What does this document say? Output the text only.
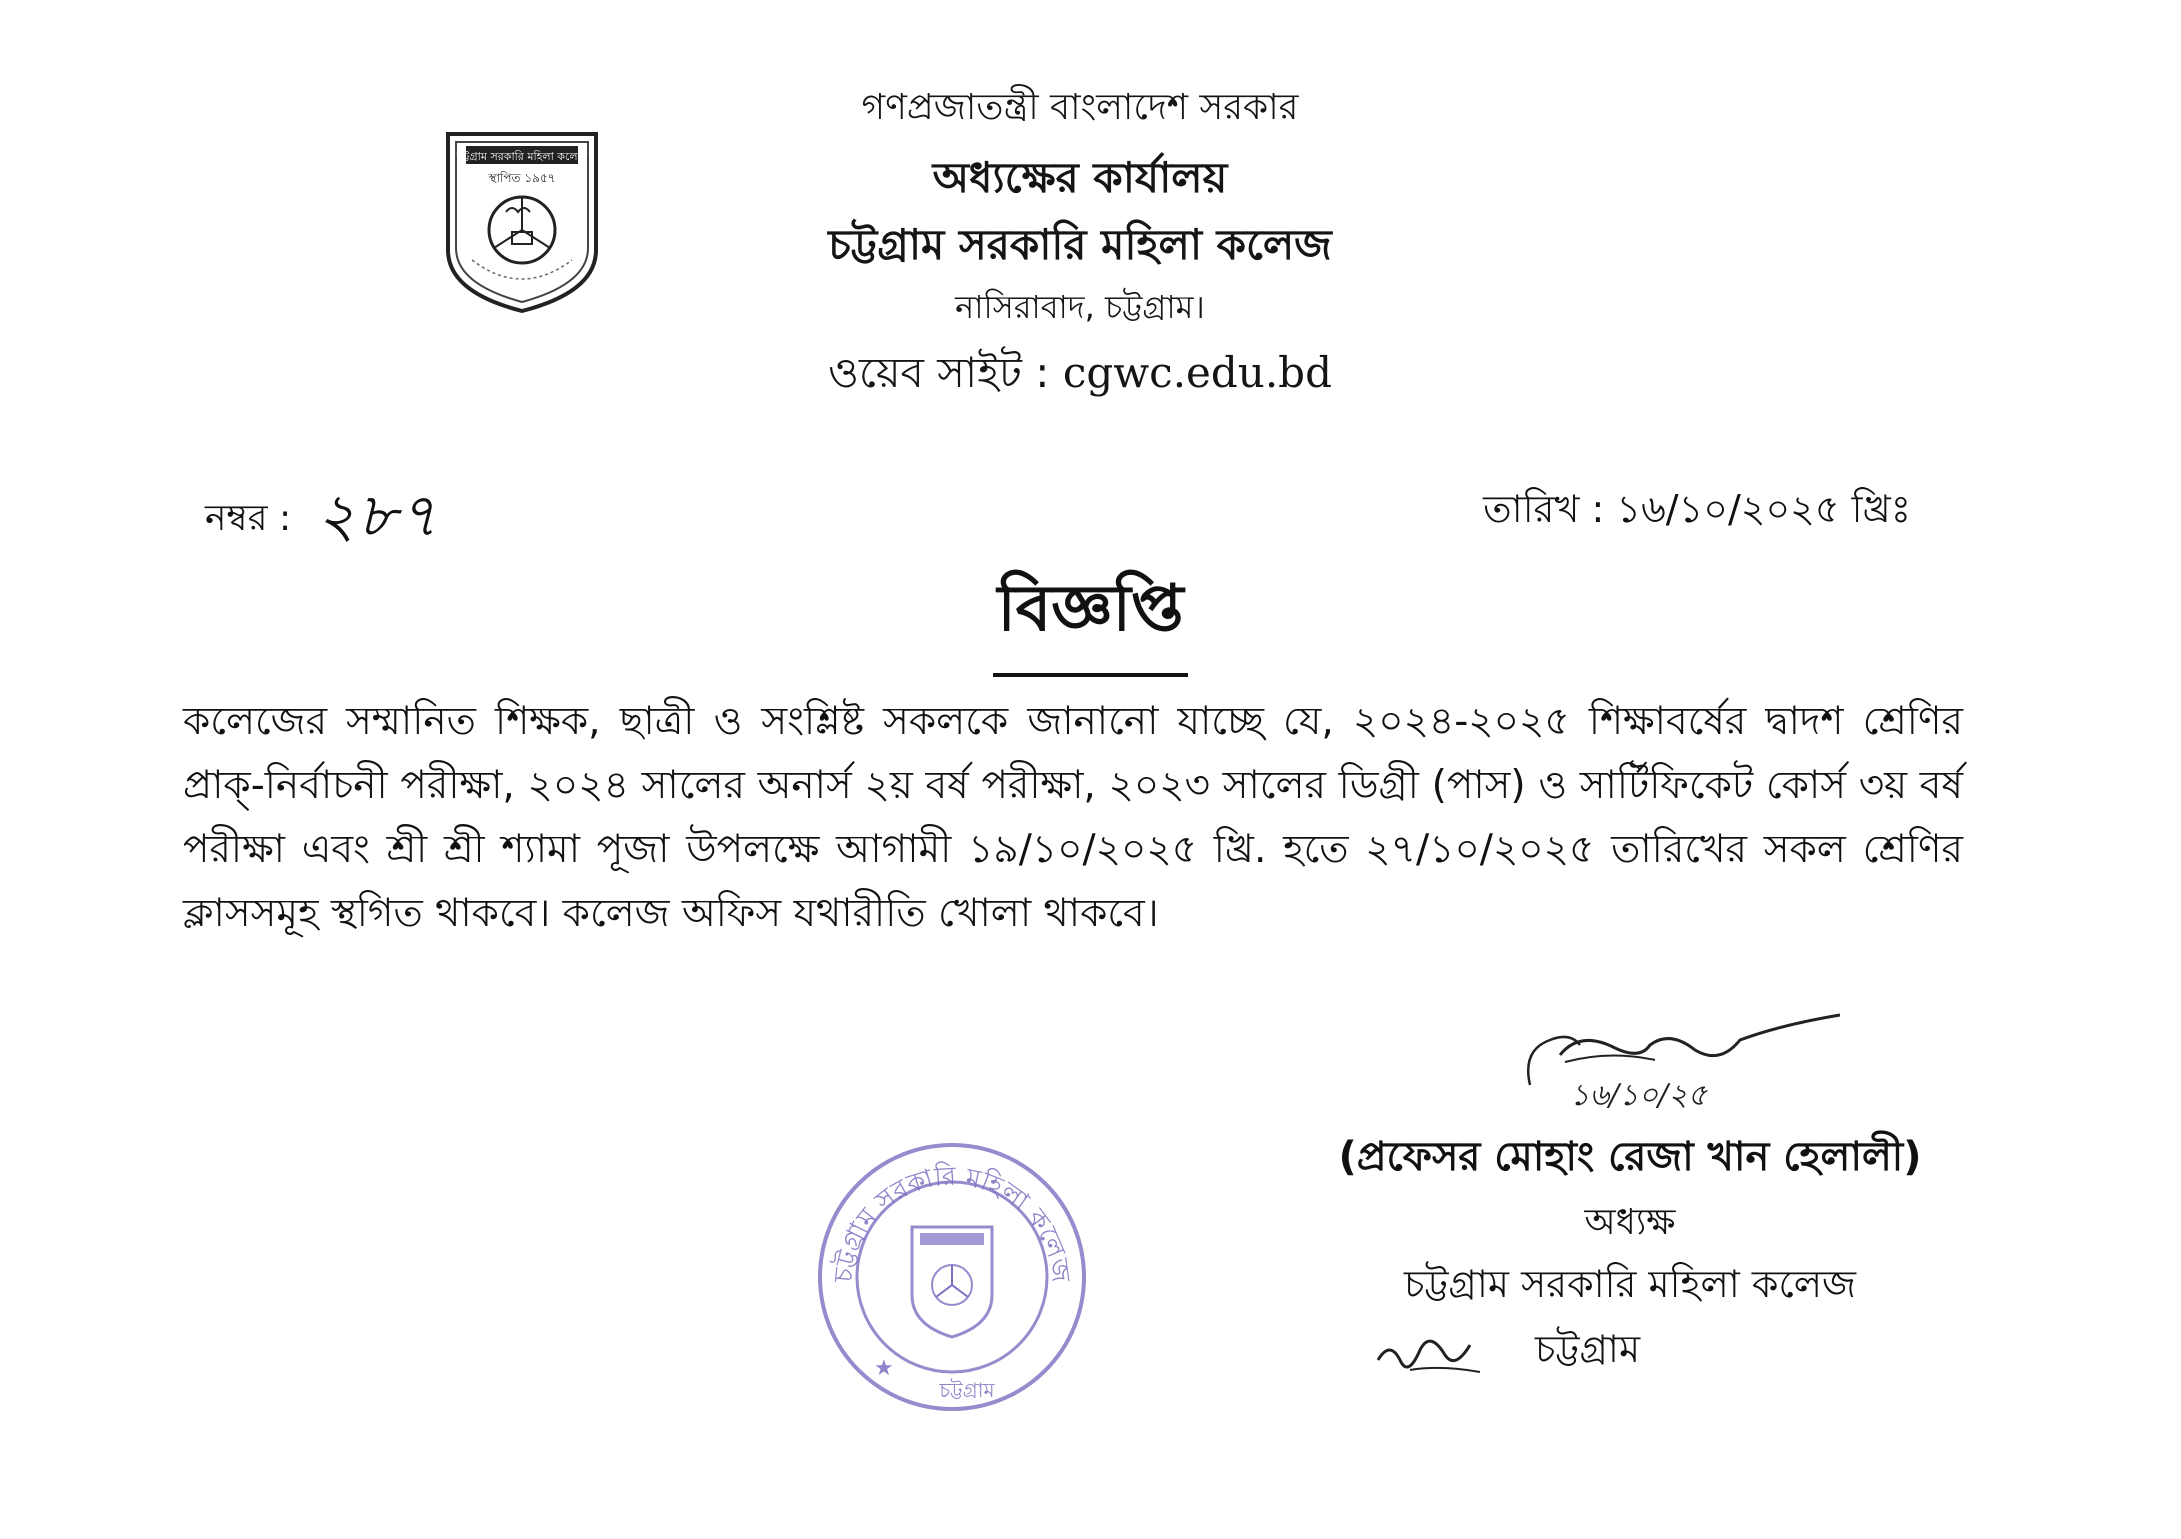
চট্টগ্রাম সরকারি মহিলা কলেজ
স্থাপিত ১৯৫৭
গণপ্রজাতন্ত্রী বাংলাদেশ সরকার
অধ্যক্ষের কার্যালয়
চট্টগ্রাম সরকারি মহিলা কলেজ
নাসিরাবাদ, চট্টগ্রাম।
ওয়েব সাইট : cgwc.edu.bd
নম্বর : ২৮৭	তারিখ : ১৬/১০/২০২৫ খ্রিঃ
বিজ্ঞপ্তি
কলেজের সম্মানিত শিক্ষক, ছাত্রী ও সংশ্লিষ্ট সকলকে জানানো যাচ্ছে যে, ২০২৪-২০২৫ শিক্ষাবর্ষের দ্বাদশ শ্রেণির প্রাক্-নির্বাচনী পরীক্ষা, ২০২৪ সালের অনার্স ২য় বর্ষ পরীক্ষা, ২০২৩ সালের ডিগ্রী (পাস) ও সার্টিফিকেট কোর্স ৩য় বর্ষ পরীক্ষা এবং শ্রী শ্রী শ্যামা পূজা উপলক্ষে আগামী ১৯/১০/২০২৫ খ্রি. হতে ২৭/১০/২০২৫ তারিখের সকল শ্রেণির ক্লাসসমূহ স্থগিত থাকবে। কলেজ অফিস যথারীতি খোলা থাকবে।
১৬/১০/২৫
(প্রফেসর মোহাং রেজা খান হেলালী)
অধ্যক্ষ
চট্টগ্রাম সরকারি মহিলা কলেজ
চট্টগ্রাম
চট্টগ্রাম সরকারি মহিলা কলেজ
চট্টগ্রাম
★
